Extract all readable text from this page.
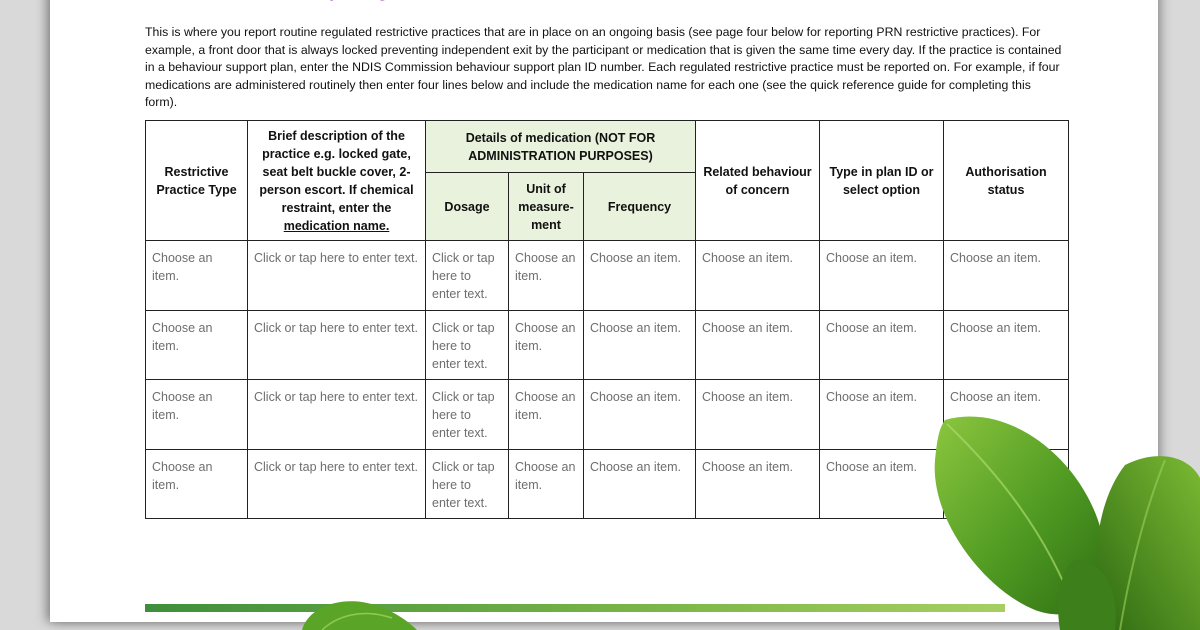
This is where you report routine regulated restrictive practices that are in place on an ongoing basis (see page four below for reporting PRN restrictive practices). For example, a front door that is always locked preventing independent exit by the participant or medication that is given the same time every day. If the practice is contained in a behaviour support plan, enter the NDIS Commission behaviour support plan ID number. Each regulated restrictive practice must be reported on. For example, if four medications are administered routinely then enter four lines below and include the medication name for each one (see the quick reference guide for completing this form).

Restrictive Practice Type	Brief description of the practice e.g. locked gate, seat belt buckle cover, 2-person escort. If chemical restraint, enter the medication name.	Details of medication (NOT FOR ADMINISTRATION PURPOSES)			Related behaviour of concern	Type in plan ID or select option	Authorisation status
		Dosage	Unit of measure-ment	Frequency			
Choose an item.	Click or tap here to enter text.	Click or tap here to enter text.	Choose an item.	Choose an item.	Choose an item.	Choose an item.	Choose an item.
Choose an item.	Click or tap here to enter text.	Click or tap here to enter text.	Choose an item.	Choose an item.	Choose an item.	Choose an item.	Choose an item.
Choose an item.	Click or tap here to enter text.	Click or tap here to enter text.	Choose an item.	Choose an item.	Choose an item.	Choose an item.	Choose an item.
Choose an item.	Click or tap here to enter text.	Click or tap here to enter text.	Choose an item.	Choose an item.	Choose an item.	Choose an item.	
